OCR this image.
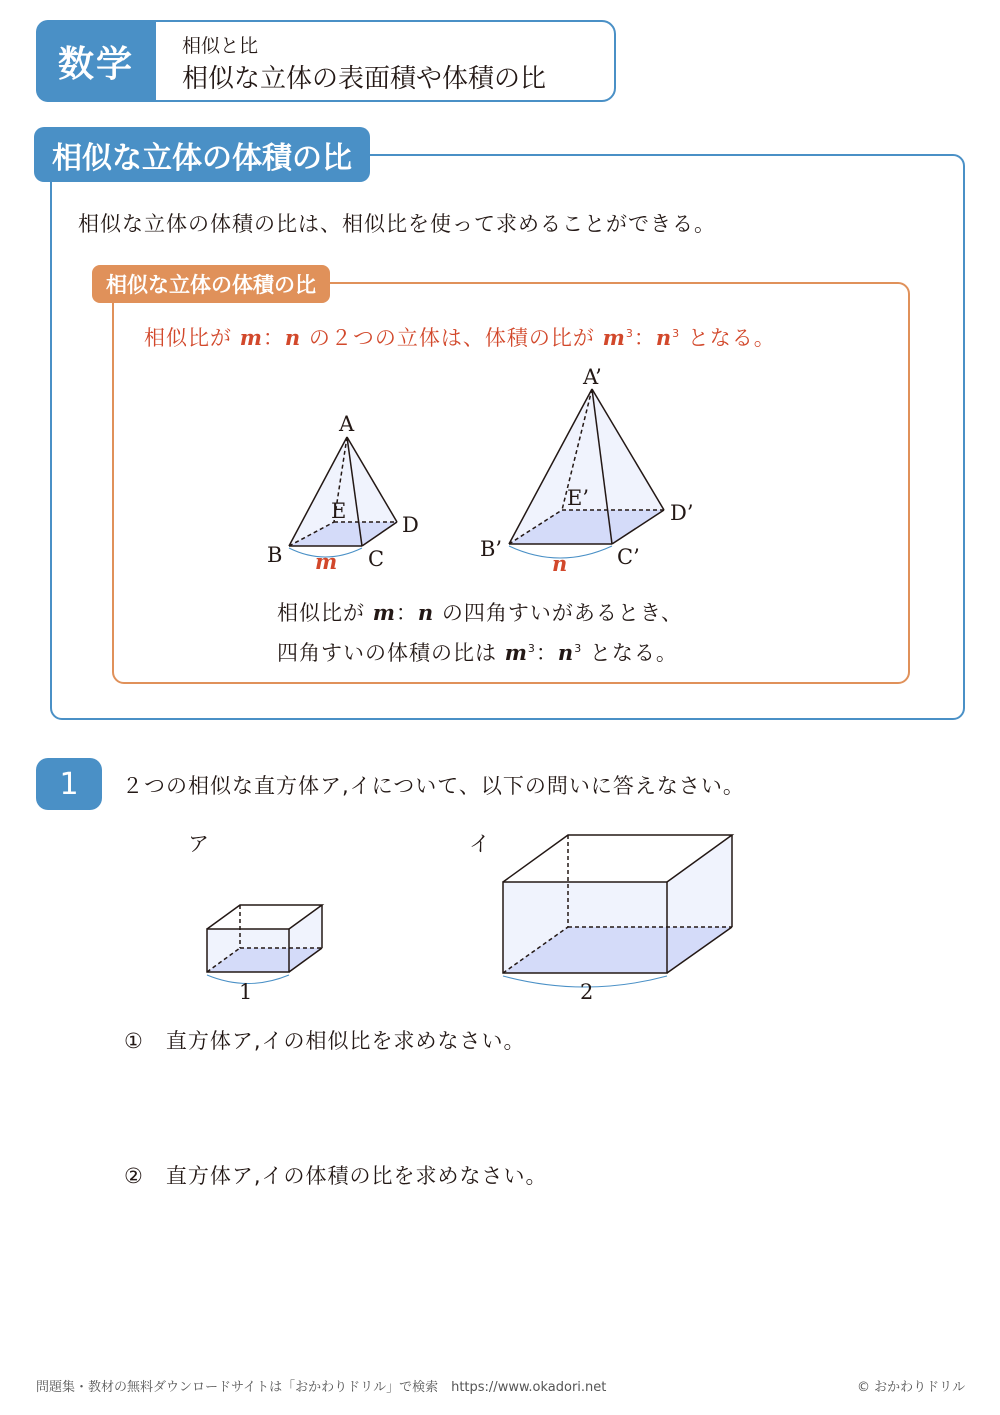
数学	相似と比
相似な立体の表面積や体積の比
相似な立体の体積の比
相似な立体の体積の比は、相似比を使って求めることができる。
相似な立体の体積の比
相似比が m：n の２つの立体は、体積の比が $m^3$：$n^3$ となる。
A
B	C
D
E
m
A’
B’	C’
D’
E’
n
相似比が m：n の四角すいがあるとき、
四角すいの体積の比は $m^3$：$n^3$ となる。
1	２つの相似な直方体ア,イについて、以下の問いに答えなさい。
ア	イ
1	2
①　直方体ア,イの相似比を求めなさい。
②　直方体ア,イの体積の比を求めなさい。
問題集・教材の無料ダウンロードサイトは「おかわりドリル」で検索　https://www.okadori.net	© おかわりドリル
